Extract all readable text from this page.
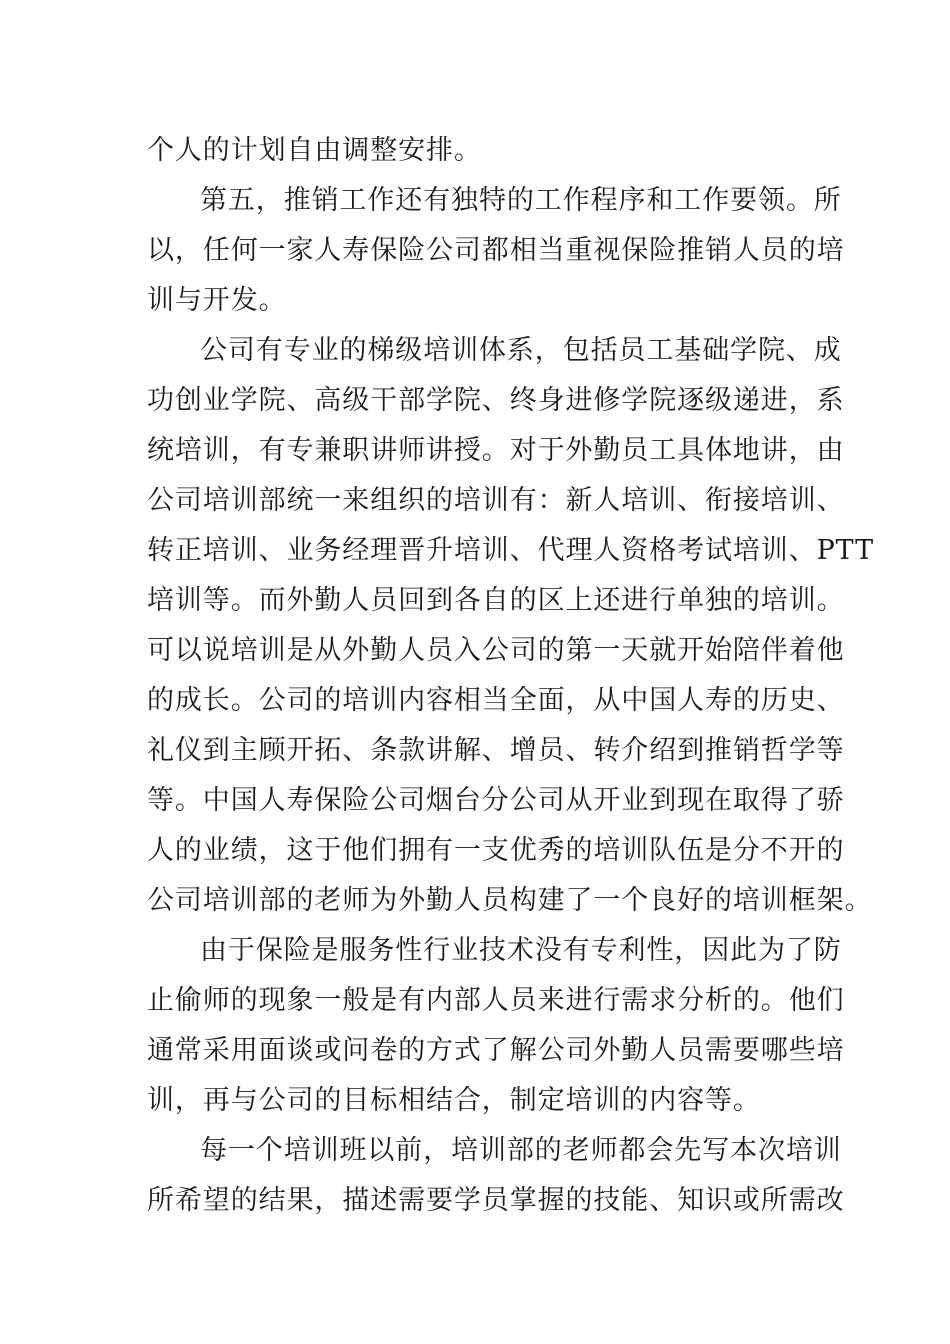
个人的计划自由调整安排。
第五，推销工作还有独特的工作程序和工作要领。所
以，任何一家人寿保险公司都相当重视保险推销人员的培
训与开发。
公司有专业的梯级培训体系，包括员工基础学院、成
功创业学院、高级干部学院、终身进修学院逐级递进，系
统培训，有专兼职讲师讲授。对于外勤员工具体地讲，由
公司培训部统一来组织的培训有：新人培训、衔接培训、
转正培训、业务经理晋升培训、代理人资格考试培训、PTT
培训等。而外勤人员回到各自的区上还进行单独的培训。
可以说培训是从外勤人员入公司的第一天就开始陪伴着他
的成长。公司的培训内容相当全面，从中国人寿的历史、
礼仪到主顾开拓、条款讲解、增员、转介绍到推销哲学等
等。中国人寿保险公司烟台分公司从开业到现在取得了骄
人的业绩，这于他们拥有一支优秀的培训队伍是分不开的
公司培训部的老师为外勤人员构建了一个良好的培训框架。
由于保险是服务性行业技术没有专利性，因此为了防
止偷师的现象一般是有内部人员来进行需求分析的。他们
通常采用面谈或问卷的方式了解公司外勤人员需要哪些培
训，再与公司的目标相结合，制定培训的内容等。
每一个培训班以前，培训部的老师都会先写本次培训
所希望的结果，描述需要学员掌握的技能、知识或所需改
